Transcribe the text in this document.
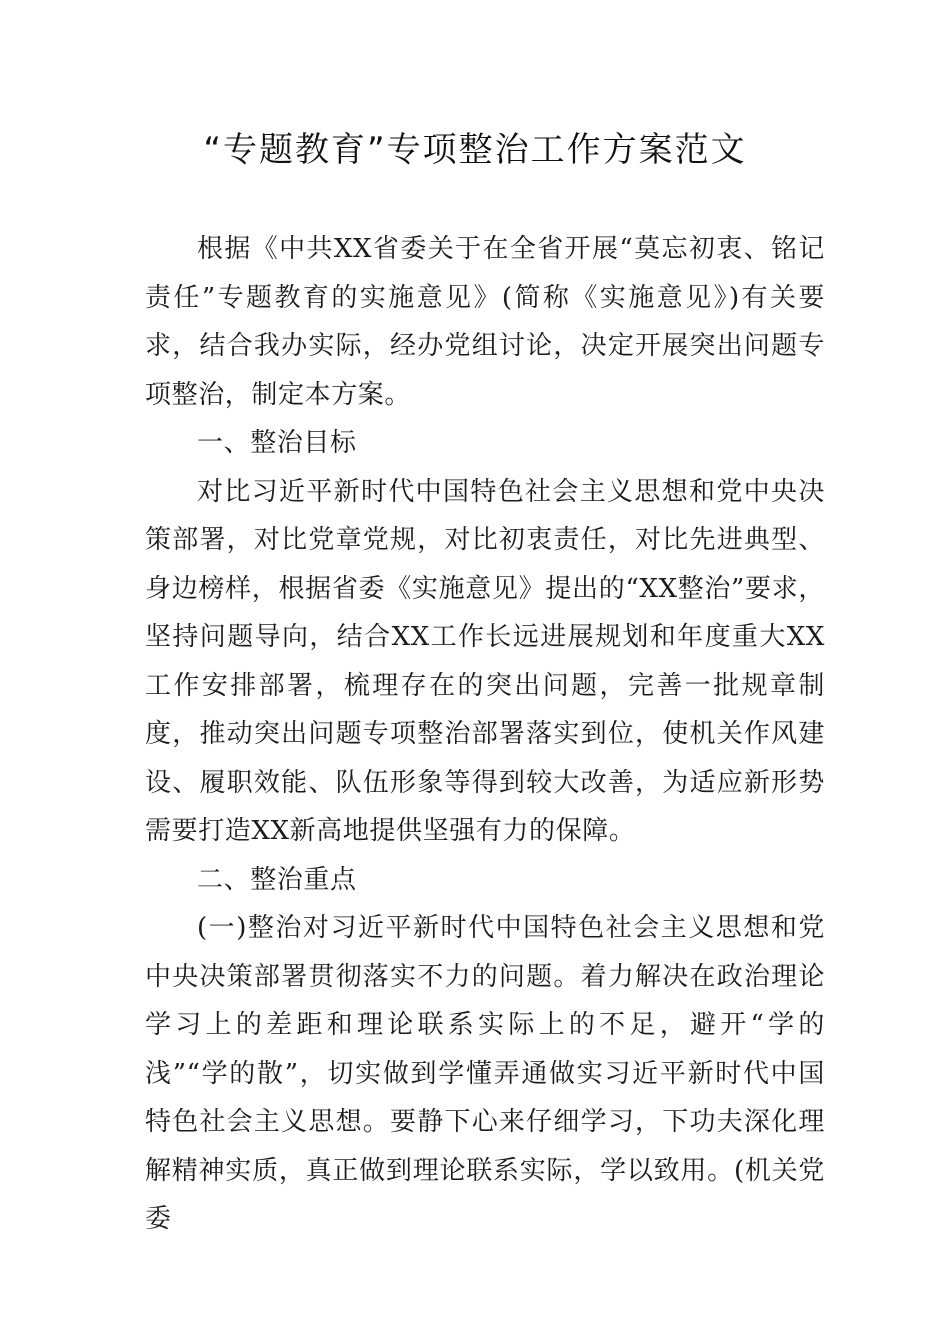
“专题教育”专项整治工作方案范文

根据《中共XX省委关于在全省开展“莫忘初衷、铭记责任”专题教育的实施意见》(简称《实施意见》)有关要求，结合我办实际，经办党组讨论，决定开展突出问题专项整治，制定本方案。

一、整治目标

对比习近平新时代中国特色社会主义思想和党中央决策部署，对比党章党规，对比初衷责任，对比先进典型、身边榜样，根据省委《实施意见》提出的“XX整治”要求，坚持问题导向，结合XX工作长远进展规划和年度重大XX工作安排部署，梳理存在的突出问题，完善一批规章制度，推动突出问题专项整治部署落实到位，使机关作风建设、履职效能、队伍形象等得到较大改善，为适应新形势需要打造XX新高地提供坚强有力的保障。

二、整治重点

(一)整治对习近平新时代中国特色社会主义思想和党中央决策部署贯彻落实不力的问题。着力解决在政治理论学习上的差距和理论联系实际上的不足，避开“学的浅”“学的散”，切实做到学懂弄通做实习近平新时代中国特色社会主义思想。要静下心来仔细学习，下功夫深化理解精神实质，真正做到理论联系实际，学以致用。(机关党委
